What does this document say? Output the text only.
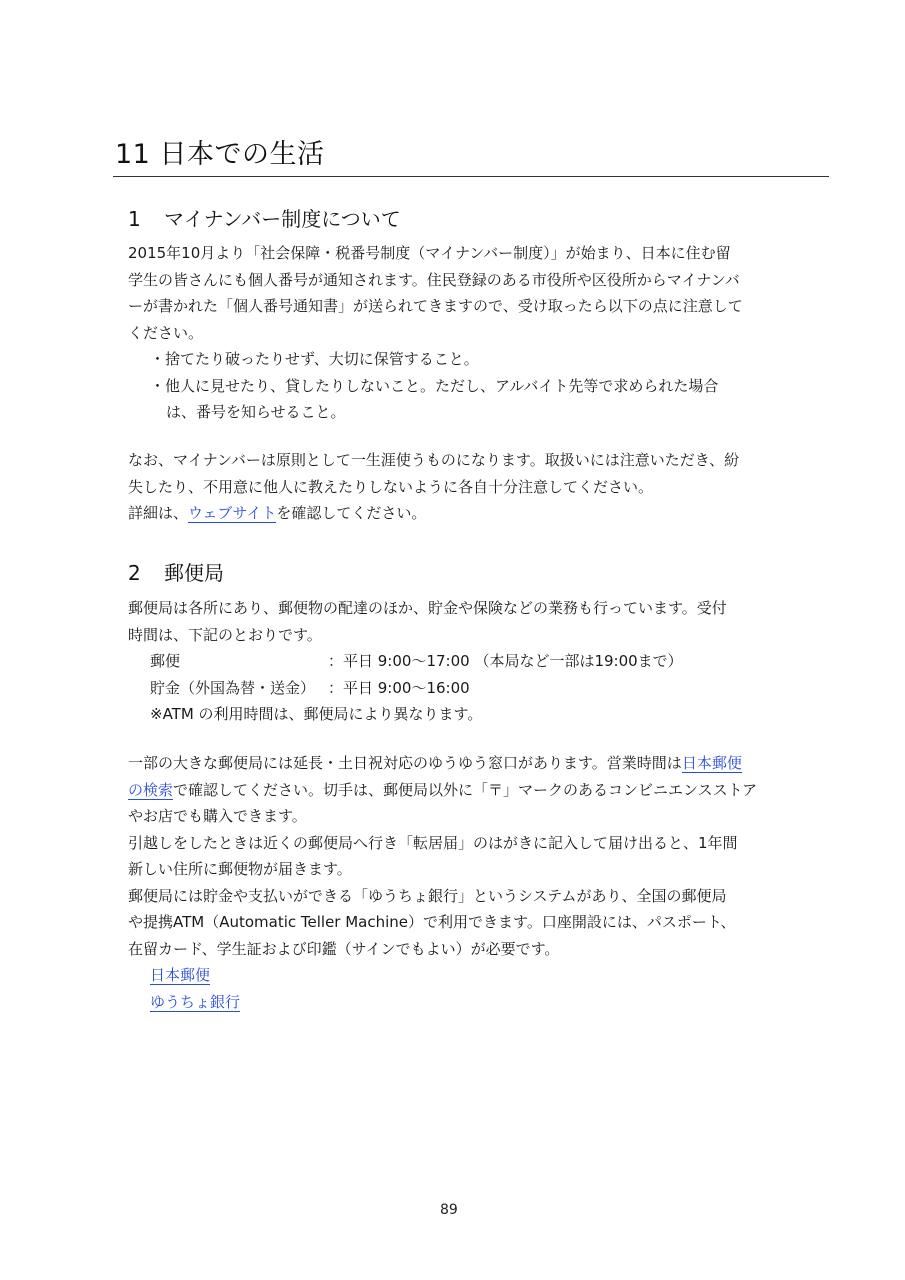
11 日本での生活
1 マイナンバー制度について
2015年10月より「社会保障・税番号制度（マイナンバー制度）」が始まり、日本に住む留
学生の皆さんにも個人番号が通知されます。住民登録のある市役所や区役所からマイナンバ
ーが書かれた「個人番号通知書」が送られてきますので、受け取ったら以下の点に注意して
ください。
・捨てたり破ったりせず、大切に保管すること。
・他人に見せたり、貸したりしないこと。ただし、アルバイト先等で求められた場合
は、番号を知らせること。
なお、マイナンバーは原則として一生涯使うものになります。取扱いには注意いただき、紛
失したり、不用意に他人に教えたりしないように各自十分注意してください。
詳細は、ウェブサイトを確認してください。
2 郵便局
郵便局は各所にあり、郵便物の配達のほか、貯金や保険などの業務も行っています。受付
時間は、下記のとおりです。
郵便	：平日 9:00〜17:00 （本局など一部は19:00まで）
貯金（外国為替・送金） ：平日 9:00〜16:00
※ATM の利用時間は、郵便局により異なります。
一部の大きな郵便局には延長・土日祝対応のゆうゆう窓口があります。営業時間は日本郵便
の検索で確認してください。切手は、郵便局以外に「〒」マークのあるコンビニエンスストア
やお店でも購入できます。
引越しをしたときは近くの郵便局へ行き「転居届」のはがきに記入して届け出ると、1年間
新しい住所に郵便物が届きます。
郵便局には貯金や支払いができる「ゆうちょ銀行」というシステムがあり、全国の郵便局
や提携ATM（Automatic Teller Machine）で利用できます。口座開設には、パスポート、
在留カード、学生証および印鑑（サインでもよい）が必要です。
日本郵便
ゆうちょ銀行
89
